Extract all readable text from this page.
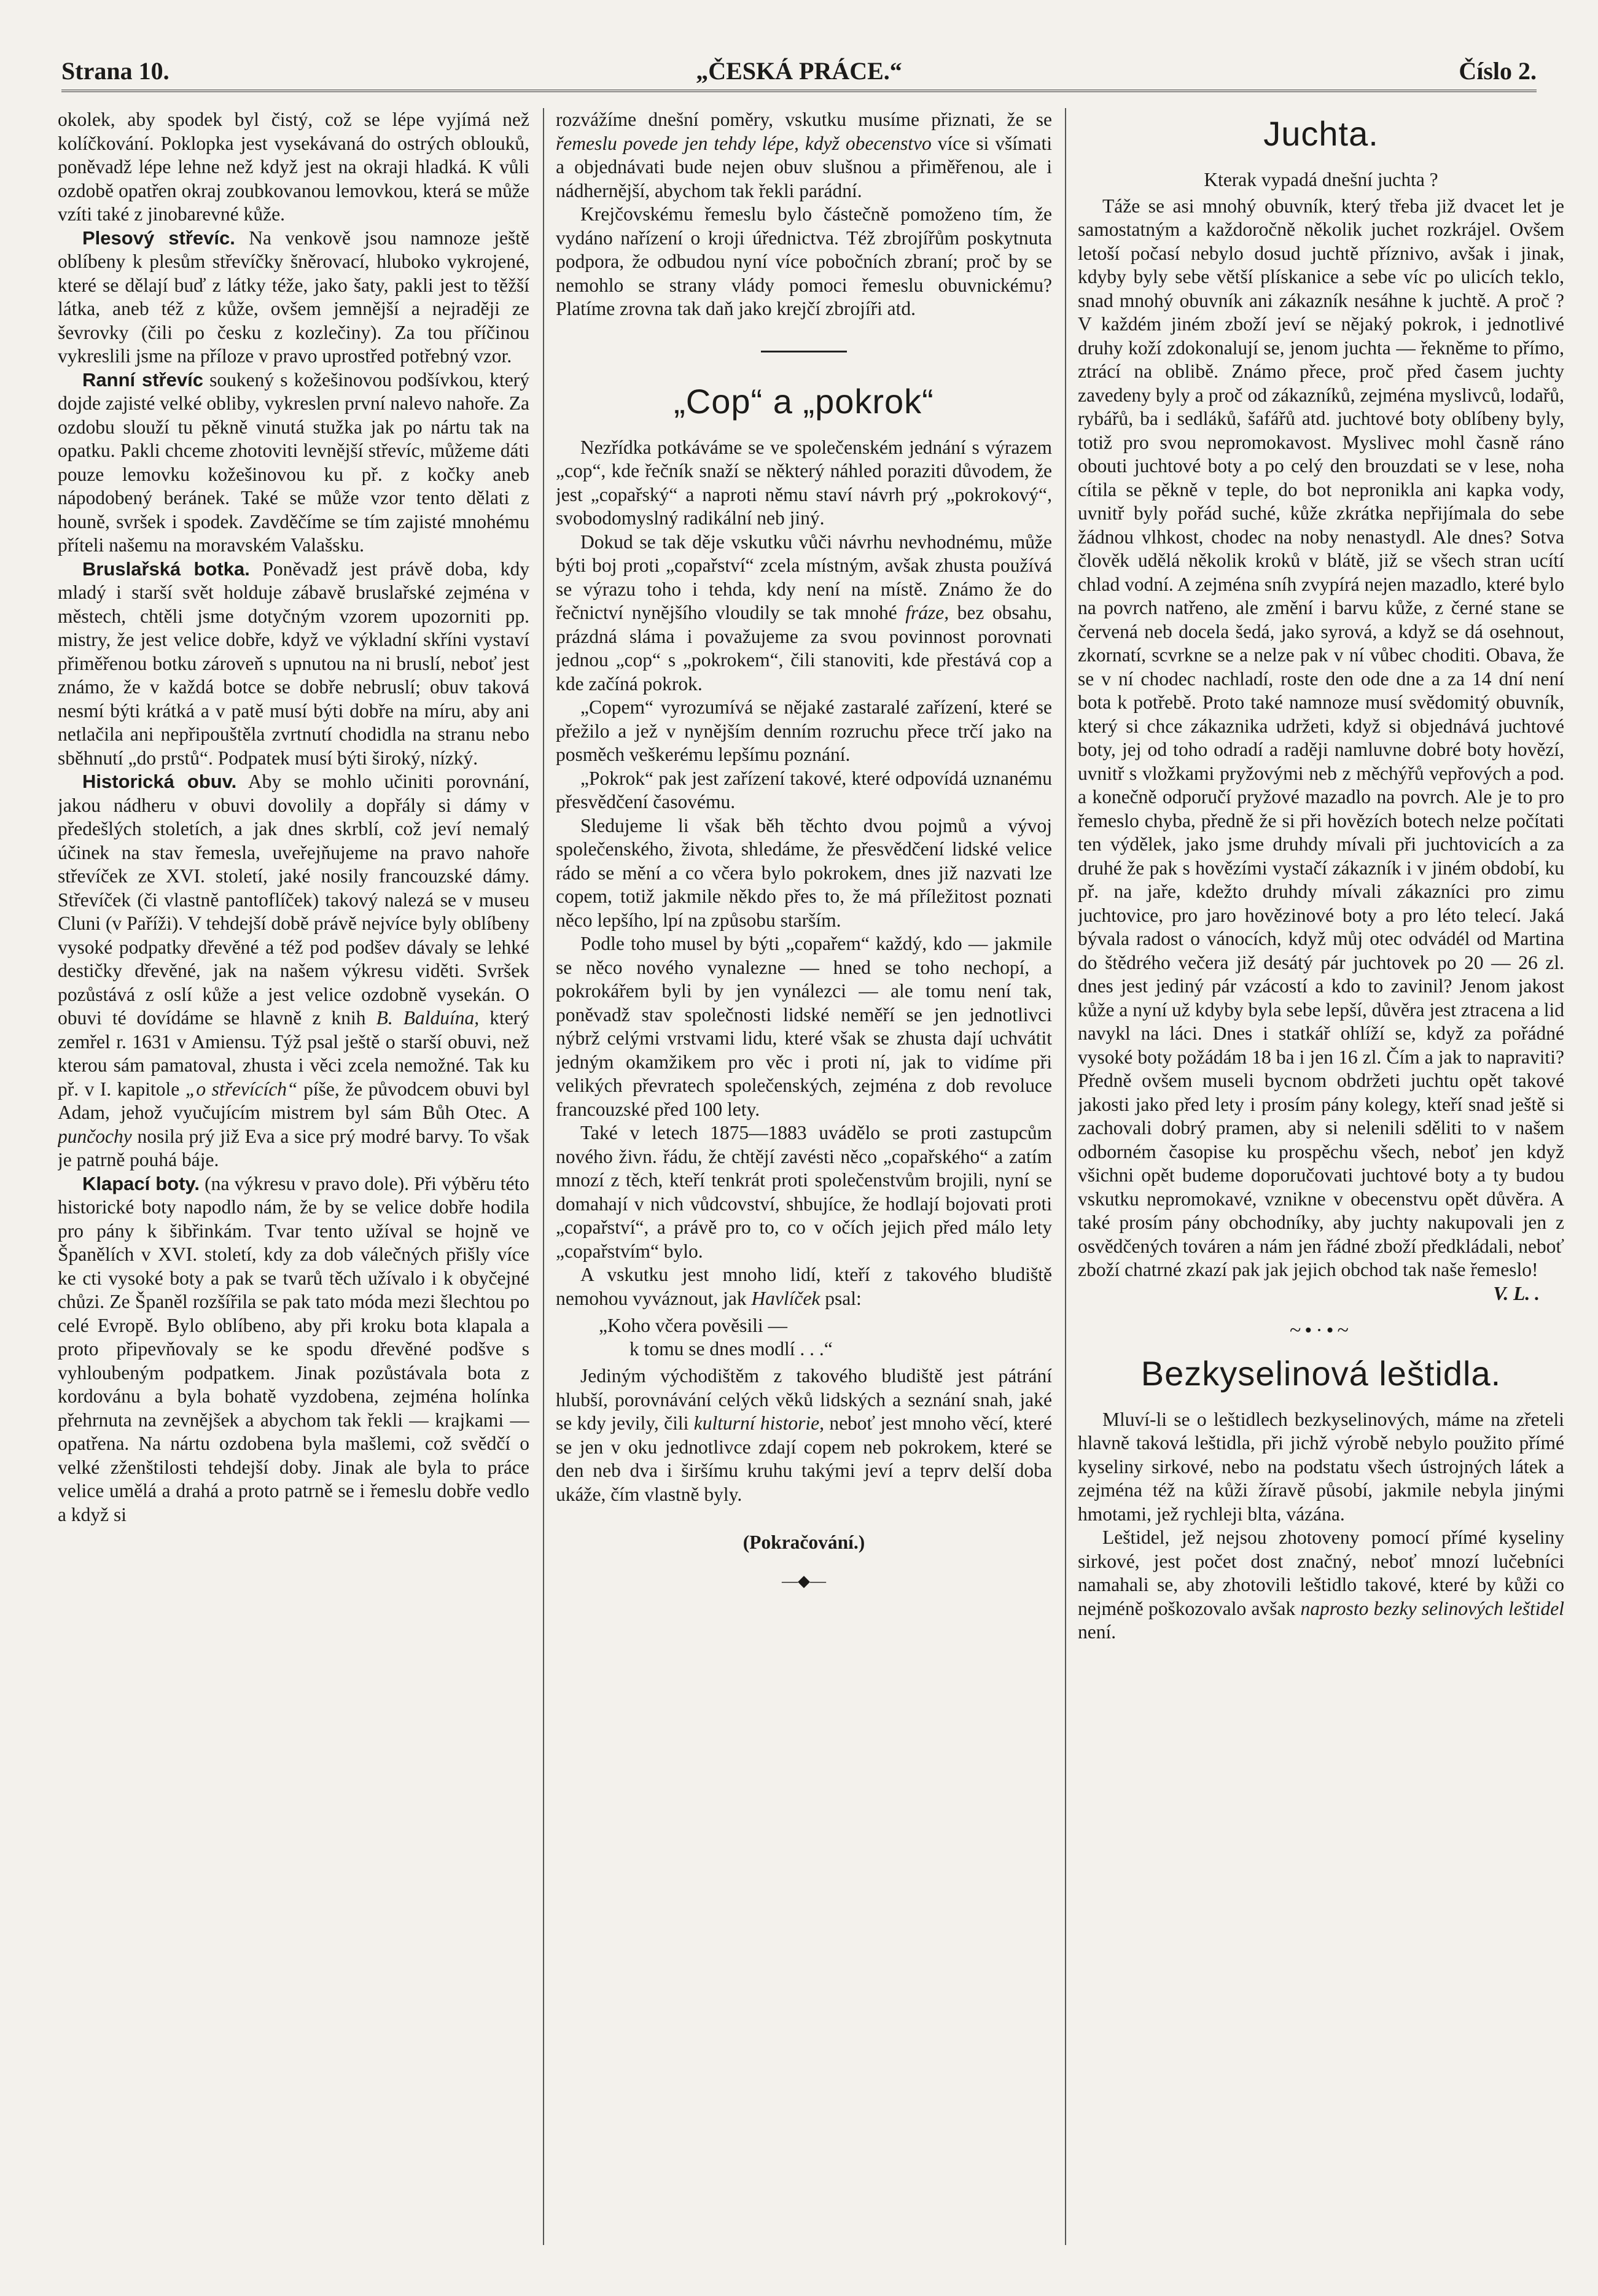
Strana 10.	„ČESKÁ PRÁCE.“	Číslo 2.

okolek, aby spodek byl čistý, což se lépe vyjímá než kolíčkování. Poklopka jest vysekávaná do ostrých oblouků, poněvadž lépe lehne než když jest na okraji hladká. K vůli ozdobě opatřen okraj zoubkovanou lemovkou, která se může vzíti také z jinobarevné kůže.

Plesový střevíc. Na venkově jsou namnoze ještě oblíbeny k plesům střevíčky šněrovací, hluboko vykrojené, které se dělají buď z látky téže, jako šaty, pakli jest to těžší látka, aneb též z kůže, ovšem jemnější a nejraději ze ševrovky (čili po česku z kozlečiny). Za tou příčinou vykreslili jsme na příloze v pravo uprostřed potřebný vzor.

Ranní střevíc soukený s kožešinovou podšívkou, který dojde zajisté velké obliby, vykreslen první nalevo nahoře. Za ozdobu slouží tu pěkně vinutá stužka jak po nártu tak na opatku. Pakli chceme zhotoviti levnější střevíc, můžeme dáti pouze lemovku kožešinovou ku př. z kočky aneb nápodobený beránek. Také se může vzor tento dělati z houně, svršek i spodek. Zavděčíme se tím zajisté mnohému příteli našemu na moravském Valašsku.

Bruslařská botka. Poněvadž jest právě doba, kdy mladý i starší svět holduje zábavě bruslařské zejména v městech, chtěli jsme dotyčným vzorem upozorniti pp. mistry, že jest velice dobře, když ve výkladní skříni vystaví přiměřenou botku zároveň s upnutou na ni bruslí, neboť jest známo, že v každá botce se dobře nebruslí; obuv taková nesmí býti krátká a v patě musí býti dobře na míru, aby ani netlačila ani nepřipouštěla zvrtnutí chodidla na stranu nebo sběhnutí „do prstů“. Podpatek musí býti široký, nízký.

Historická obuv. Aby se mohlo učiniti porovnání, jakou nádheru v obuvi dovolily a dopřály si dámy v předešlých stoletích, a jak dnes skrblí, což jeví nemalý účinek na stav řemesla, uveřejňujeme na pravo nahoře střevíček ze XVI. století, jaké nosily francouzské dámy. Střevíček (či vlastně pantoflíček) takový nalezá se v museu Cluni (v Paříži). V tehdejší době právě nejvíce byly oblíbeny vysoké podpatky dřevěné a též pod podšev dávaly se lehké destičky dřevěné, jak na našem výkresu viděti. Svršek pozůstává z oslí kůže a jest velice ozdobně vysekán. O obuvi té dovídáme se hlavně z knih B. Balduína, který zemřel r. 1631 v Amiensu. Týž psal ještě o starší obuvi, než kterou sám pamatoval, zhusta i věci zcela nemožné. Tak ku př. v I. kapitole „o střevících“ píše, že původcem obuvi byl Adam, jehož vyučujícím mistrem byl sám Bůh Otec. A punčochy nosila prý již Eva a sice prý modré barvy. To však je patrně pouhá báje.

Klapací boty. (na výkresu v pravo dole). Při výběru této historické boty napodlo nám, že by se velice dobře hodila pro pány k šibřinkám. Tvar tento užíval se hojně ve Španělích v XVI. století, kdy za dob válečných přišly více ke cti vysoké boty a pak se tvarů těch užívalo i k obyčejné chůzi. Ze Španěl rozšířila se pak tato móda mezi šlechtou po celé Evropě. Bylo oblíbeno, aby při kroku bota klapala a proto připevňovaly se ke spodu dřevěné podšve s vyhloubeným podpatkem. Jinak pozůstávala bota z kordovánu a byla bohatě vyzdobena, zejména holínka přehrnuta na zevnějšek a abychom tak řekli — krajkami — opatřena. Na nártu ozdobena byla mašlemi, což svědčí o velké zženštilosti tehdejší doby. Jinak ale byla to práce velice umělá a drahá a proto patrně se i řemeslu dobře vedlo a když si

rozvážíme dnešní poměry, vskutku musíme přiznati, že se řemeslu povede jen tehdy lépe, když obecenstvo více si všímati a objednávati bude nejen obuv slušnou a přiměřenou, ale i nádhernější, abychom tak řekli parádní.

Krejčovskému řemeslu bylo částečně pomoženo tím, že vydáno nařízení o kroji úřednictva. Též zbrojířům poskytnuta podpora, že odbudou nyní více pobočních zbraní; proč by se nemohlo se strany vlády pomoci řemeslu obuvnickému? Platíme zrovna tak daň jako krejčí zbrojíři atd.

„Cop“ a „pokrok“

Nezřídka potkáváme se ve společenském jednání s výrazem „cop“, kde řečník snaží se některý náhled poraziti důvodem, že jest „copařský“ a naproti němu staví návrh prý „pokrokový“, svobodomyslný radikální neb jiný.

Dokud se tak děje vskutku vůči návrhu nevhodnému, může býti boj proti „copařství“ zcela místným, avšak zhusta používá se výrazu toho i tehda, kdy není na místě. Známo že do řečnictví nynějšího vloudily se tak mnohé fráze, bez obsahu, prázdná sláma i považujeme za svou povinnost porovnati jednou „cop“ s „pokrokem“, čili stanoviti, kde přestává cop a kde začíná pokrok.

„Copem“ vyrozumívá se nějaké zastaralé zařízení, které se přežilo a jež v nynějším denním rozruchu přece trčí jako na posměch veškerému lepšímu poznání.

„Pokrok“ pak jest zařízení takové, které odpovídá uznanému přesvědčení časovému.

Sledujeme li však běh těchto dvou pojmů a vývoj společenského, života, shledáme, že přesvědčení lidské velice rádo se mění a co včera bylo pokrokem, dnes již nazvati lze copem, totiž jakmile někdo přes to, že má příležitost poznati něco lepšího, lpí na způsobu starším.

Podle toho musel by býti „copařem“ každý, kdo — jakmile se něco nového vynalezne — hned se toho nechopí, a pokrokářem byli by jen vynálezci — ale tomu není tak, poněvadž stav společnosti lidské neměří se jen jednotlivci nýbrž celými vrstvami lidu, které však se zhusta dají uchvátit jedným okamžikem pro věc i proti ní, jak to vidíme při velikých převratech společenských, zejména z dob revoluce francouzské před 100 lety.

Také v letech 1875—1883 uvádělo se proti zastupcům nového živn. řádu, že chtějí zavésti něco „copařského“ a zatím mnozí z těch, kteří tenkrát proti společenstvům brojili, nyní se domahají v nich vůdcovství, shbujíce, že hodlají bojovati proti „copařství“, a právě pro to, co v očích jejich před málo lety „copařstvím“ bylo.

A vskutku jest mnoho lidí, kteří z takového bludiště nemohou vyváznout, jak Havlíček psal:

„Koho včera pověsili —
k tomu se dnes modlí . . .“

Jediným východištěm z takového bludiště jest pátrání hlubší, porovnávání celých věků lidských a seznání snah, jaké se kdy jevily, čili kulturní historie, neboť jest mnoho věcí, které se jen v oku jednotlivce zdají copem neb pokrokem, které se den neb dva i širšímu kruhu takými jeví a teprv delší doba ukáže, čím vlastně byly.

(Pokračování.)
—◆—
Juchta.
Kterak vypadá dnešní juchta ?

Táže se asi mnohý obuvník, který třeba již dvacet let je samostatným a každoročně několik juchet rozkrájel. Ovšem letoší počasí nebylo dosud juchtě příznivo, avšak i jinak, kdyby byly sebe větší plískanice a sebe víc po ulicích teklo, snad mnohý obuvník ani zákazník nesáhne k juchtě. A proč ? V každém jiném zboží jeví se nějaký pokrok, i jednotlivé druhy koží zdokonalují se, jenom juchta — řekněme to přímo, ztrácí na oblibě. Známo přece, proč před časem juchty zavedeny byly a proč od zákazníků, zejména myslivců, lodařů, rybářů, ba i sedláků, šafářů atd. juchtové boty oblíbeny byly, totiž pro svou nepromokavost. Myslivec mohl časně ráno obouti juchtové boty a po celý den brouzdati se v lese, noha cítila se pěkně v teple, do bot nepronikla ani kapka vody, uvnitř byly pořád suché, kůže zkrátka nepřijímala do sebe žádnou vlhkost, chodec na noby nenastydl. Ale dnes? Sotva člověk udělá několik kroků v blátě, již se všech stran ucítí chlad vodní. A zejména sníh zvypírá nejen mazadlo, které bylo na povrch natřeno, ale změní i barvu kůže, z černé stane se červená neb docela šedá, jako syrová, a když se dá osehnout, zkornatí, scvrkne se a nelze pak v ní vůbec choditi. Obava, že se v ní chodec nachladí, roste den ode dne a za 14 dní není bota k potřebě. Proto také namnoze musí svědomitý obuvník, který si chce zákaznika udržeti, když si objednává juchtové boty, jej od toho odradí a raději namluvne dobré boty hovězí, uvnitř s vložkami pryžovými neb z měchýřů vepřových a pod. a konečně odporučí pryžové mazadlo na povrch. Ale je to pro řemeslo chyba, předně že si při hovězích botech nelze počítati ten výdělek, jako jsme druhdy mívali při juchtovicích a za druhé že pak s hovězími vystačí zákazník i v jiném období, ku př. na jaře, kdežto druhdy mívali zákazníci pro zimu juchtovice, pro jaro hovězinové boty a pro léto telecí. Jaká bývala radost o vánocích, když můj otec odvádél od Martina do štědrého večera již desátý pár juchtovek po 20 — 26 zl. dnes jest jediný pár vzácostí a kdo to zavinil? Jenom jakost kůže a nyní už kdyby byla sebe lepší, důvěra jest ztracena a lid navykl na láci. Dnes i statkář ohlíží se, když za pořádné vysoké boty požádám 18 ba i jen 16 zl. Čím a jak to napraviti? Předně ovšem museli bycnom obdržeti juchtu opět takové jakosti jako před lety i prosím pány kolegy, kteří snad ještě si zachovali dobrý pramen, aby si nelenili sděliti to v našem odborném časopise ku prospěchu všech, neboť jen když všichni opět budeme doporučovati juchtové boty a ty budou vskutku nepromokavé, vznikne v obecenstvu opět důvěra. A také prosím pány obchodníky, aby juchty nakupovali jen z osvědčených továren a nám jen řádné zboží předkládali, neboť zboží chatrné zkazí pak jak jejich obchod tak naše řemeslo!

V. L. .
~•·•~
Bezkyselinová leštidla.

Mluví-li se o leštidlech bezkyselinových, máme na zřeteli hlavně taková leštidla, při jichž výrobě nebylo použito přímé kyseliny sirkové, nebo na podstatu všech ústrojných látek a zejména též na kůži žíravě působí, jakmile nebyla jinými hmotami, jež rychleji blta, vázána.

Leštidel, jež nejsou zhotoveny pomocí přímé kyseliny sirkové, jest počet dost značný, neboť mnozí lučebníci namahali se, aby zhotovili leštidlo takové, které by kůži co nejméně poškozovalo avšak naprosto bezky selinových leštidel není.
